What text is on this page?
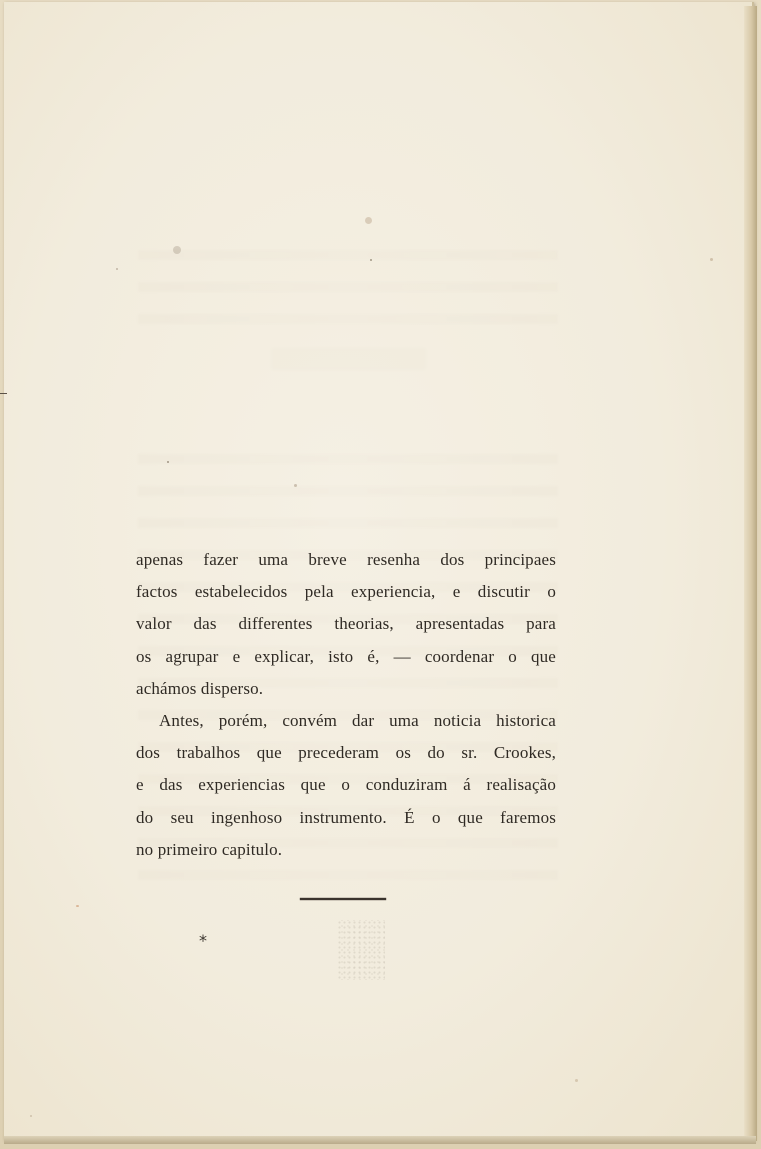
apenas fazer uma breve resenha dos principaes
factos estabelecidos pela experiencia, e discutir o
valor das differentes theorias, apresentadas para
os agrupar e explicar, isto é, — coordenar o que
achámos disperso.
Antes, porém, convém dar uma noticia historica
dos trabalhos que precederam os do sr. Crookes,
e das experiencias que o conduziram á realisação
do seu ingenhoso instrumento. É o que faremos
no primeiro capitulo.
*
